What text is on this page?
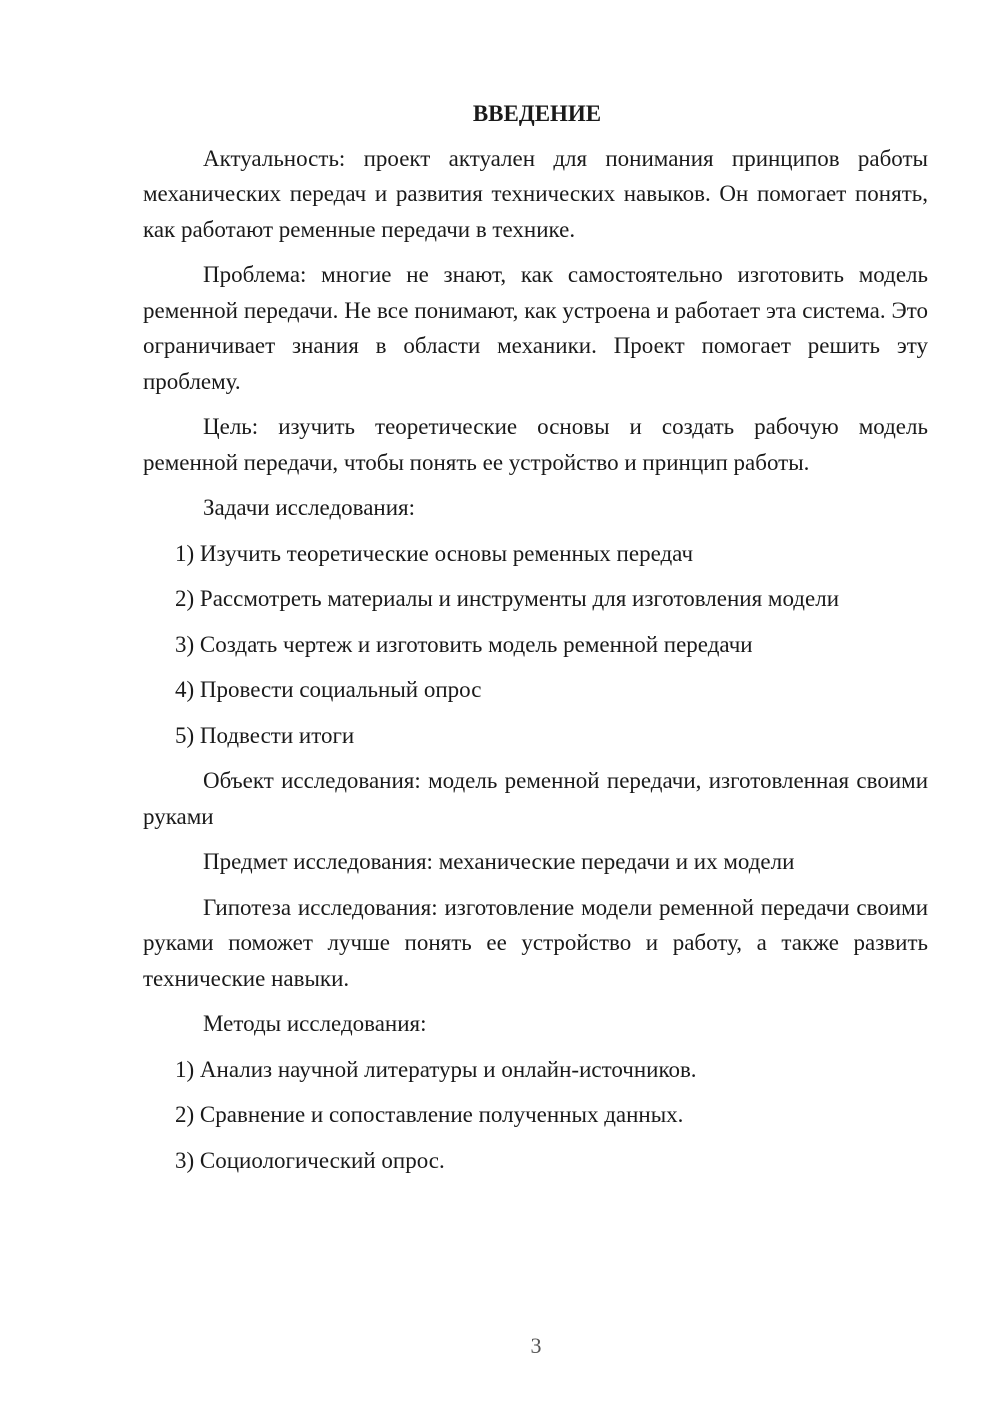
ВВЕДЕНИЕ

Актуальность: проект актуален для понимания принципов работы механических передач и развития технических навыков. Он помогает понять, как работают ременные передачи в технике.

Проблема: многие не знают, как самостоятельно изготовить модель ременной передачи. Не все понимают, как устроена и работает эта система. Это ограничивает знания в области механики. Проект помогает решить эту проблему.

Цель: изучить теоретические основы и создать рабочую модель ременной передачи, чтобы понять ее устройство и принцип работы.

Задачи исследования:

1) Изучить теоретические основы ременных передач

2) Рассмотреть материалы и инструменты для изготовления модели

3) Создать чертеж и изготовить модель ременной передачи

4) Провести социальный опрос

5) Подвести итоги

Объект исследования: модель ременной передачи, изготовленная своими руками

Предмет исследования: механические передачи и их модели

Гипотеза исследования: изготовление модели ременной передачи своими руками поможет лучше понять ее устройство и работу, а также развить технические навыки.

Методы исследования:

1) Анализ научной литературы и онлайн-источников.

2) Сравнение и сопоставление полученных данных.

3) Социологический опрос.

3
